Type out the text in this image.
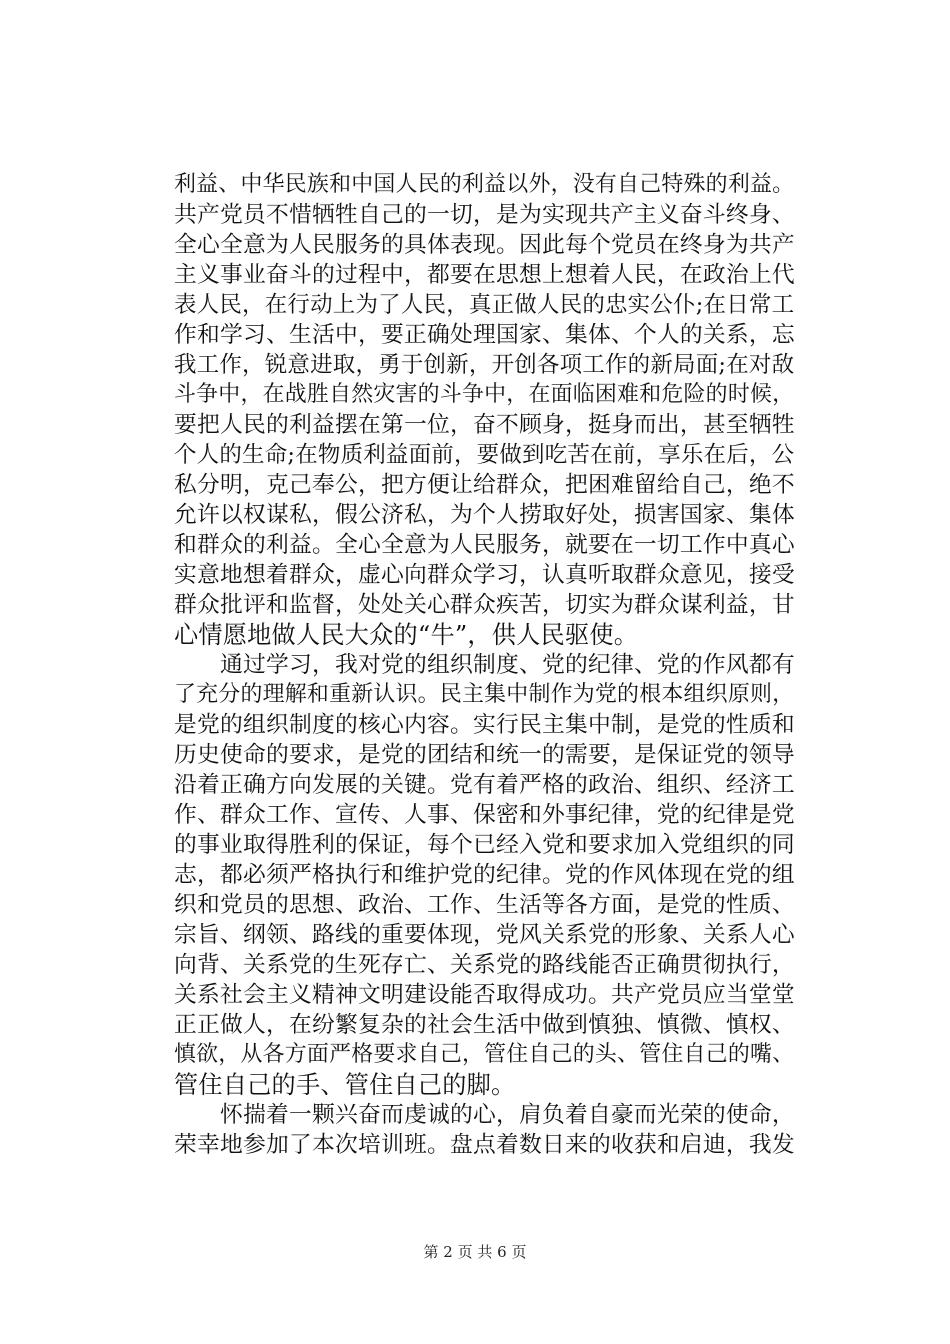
利益、中华民族和中国人民的利益以外，没有自己特殊的利益。
共产党员不惜牺牲自己的一切，是为实现共产主义奋斗终身、
全心全意为人民服务的具体表现。因此每个党员在终身为共产
主义事业奋斗的过程中，都要在思想上想着人民，在政治上代
表人民，在行动上为了人民，真正做人民的忠实公仆;在日常工
作和学习、生活中，要正确处理国家、集体、个人的关系，忘
我工作，锐意进取，勇于创新，开创各项工作的新局面;在对敌
斗争中，在战胜自然灾害的斗争中，在面临困难和危险的时候，
要把人民的利益摆在第一位，奋不顾身，挺身而出，甚至牺牲
个人的生命;在物质利益面前，要做到吃苦在前，享乐在后，公
私分明，克己奉公，把方便让给群众，把困难留给自己，绝不
允许以权谋私，假公济私，为个人捞取好处，损害国家、集体
和群众的利益。全心全意为人民服务，就要在一切工作中真心
实意地想着群众，虚心向群众学习，认真听取群众意见，接受
群众批评和监督，处处关心群众疾苦，切实为群众谋利益，甘
心情愿地做人民大众的“牛”，供人民驱使。
　　通过学习，我对党的组织制度、党的纪律、党的作风都有
了充分的理解和重新认识。民主集中制作为党的根本组织原则，
是党的组织制度的核心内容。实行民主集中制，是党的性质和
历史使命的要求，是党的团结和统一的需要，是保证党的领导
沿着正确方向发展的关键。党有着严格的政治、组织、经济工
作、群众工作、宣传、人事、保密和外事纪律，党的纪律是党
的事业取得胜利的保证，每个已经入党和要求加入党组织的同
志，都必须严格执行和维护党的纪律。党的作风体现在党的组
织和党员的思想、政治、工作、生活等各方面，是党的性质、
宗旨、纲领、路线的重要体现，党风关系党的形象、关系人心
向背、关系党的生死存亡、关系党的路线能否正确贯彻执行，
关系社会主义精神文明建设能否取得成功。共产党员应当堂堂
正正做人，在纷繁复杂的社会生活中做到慎独、慎微、慎权、
慎欲，从各方面严格要求自己，管住自己的头、管住自己的嘴、
管住自己的手、管住自己的脚。
　　怀揣着一颗兴奋而虔诚的心，肩负着自豪而光荣的使命，
荣幸地参加了本次培训班。盘点着数日来的收获和启迪，我发
第 2 页 共 6 页
